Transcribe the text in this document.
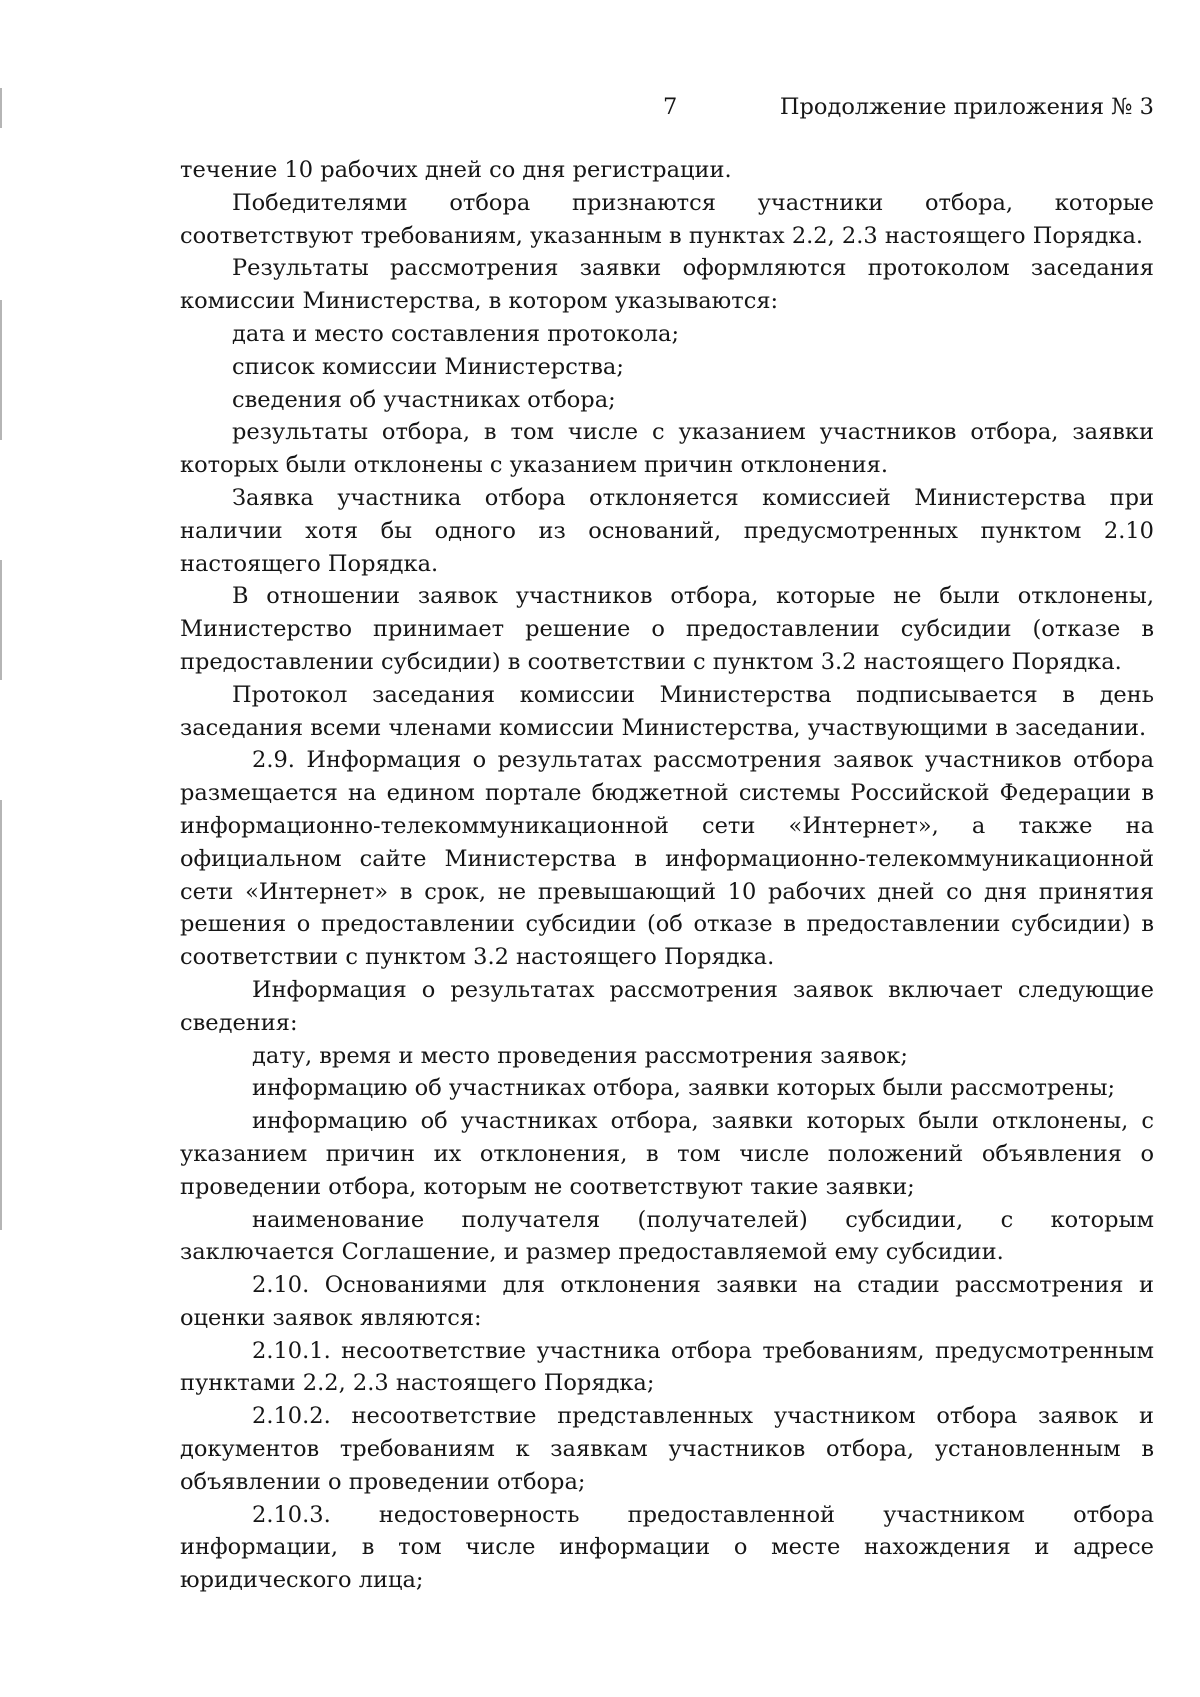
7	Продолжение приложения № 3

течение 10 рабочих дней со дня регистрации.

Победителями отбора признаются участники отбора, которые соответствуют требованиям, указанным в пунктах 2.2, 2.3 настоящего Порядка.

Результаты рассмотрения заявки оформляются протоколом заседания комиссии Министерства, в котором указываются:

дата и место составления протокола;

список комиссии Министерства;

сведения об участниках отбора;

результаты отбора, в том числе с указанием участников отбора, заявки которых были отклонены с указанием причин отклонения.

Заявка участника отбора отклоняется комиссией Министерства при наличии хотя бы одного из оснований, предусмотренных пунктом 2.10 настоящего Порядка.

В отношении заявок участников отбора, которые не были отклонены, Министерство принимает решение о предоставлении субсидии (отказе в предоставлении субсидии) в соответствии с пунктом 3.2 настоящего Порядка.

Протокол заседания комиссии Министерства подписывается в день заседания всеми членами комиссии Министерства, участвующими в заседании.

2.9. Информация о результатах рассмотрения заявок участников отбора размещается на едином портале бюджетной системы Российской Федерации в информационно-телекоммуникационной сети «Интернет», а также на официальном сайте Министерства в информационно-телекоммуникационной сети «Интернет» в срок, не превышающий 10 рабочих дней со дня принятия решения о предоставлении субсидии (об отказе в предоставлении субсидии) в соответствии с пунктом 3.2 настоящего Порядка.

Информация о результатах рассмотрения заявок включает следующие сведения:

дату, время и место проведения рассмотрения заявок;

информацию об участниках отбора, заявки которых были рассмотрены;

информацию об участниках отбора, заявки которых были отклонены, с указанием причин их отклонения, в том числе положений объявления о проведении отбора, которым не соответствуют такие заявки;

наименование получателя (получателей) субсидии, с которым заключается Соглашение, и размер предоставляемой ему субсидии.

2.10. Основаниями для отклонения заявки на стадии рассмотрения и оценки заявок являются:

2.10.1. несоответствие участника отбора требованиям, предусмотренным пунктами 2.2, 2.3 настоящего Порядка;

2.10.2. несоответствие представленных участником отбора заявок и документов требованиям к заявкам участников отбора, установленным в объявлении о проведении отбора;

2.10.3. недостоверность предоставленной участником отбора информации, в том числе информации о месте нахождения и адресе юридического лица;
